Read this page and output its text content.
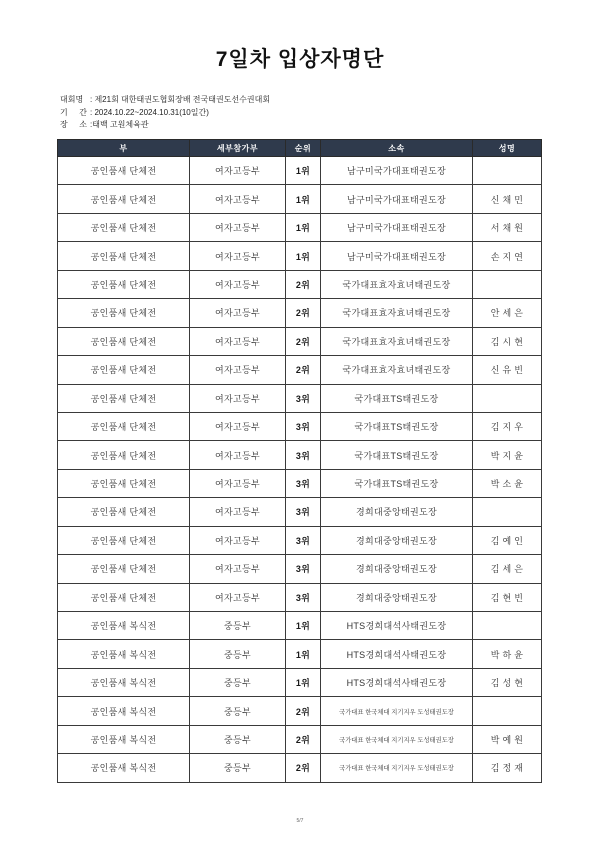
7일차 입상자명단
대회명 : 제21회 대한태권도협회장배 전국태권도선수권대회
기 간 : 2024.10.22~2024.10.31(10일간)
장 소 :태백 고원체육관
부	세부참가부	순위	소속	성명
공인품새 단체전	여자고등부	1위	남구미국가대표태권도장	
공인품새 단체전	여자고등부	1위	남구미국가대표태권도장	신 채 민
공인품새 단체전	여자고등부	1위	남구미국가대표태권도장	서 채 원
공인품새 단체전	여자고등부	1위	남구미국가대표태권도장	손 지 연
공인품새 단체전	여자고등부	2위	국가대표효자효녀태권도장	
공인품새 단체전	여자고등부	2위	국가대표효자효녀태권도장	안 세 은
공인품새 단체전	여자고등부	2위	국가대표효자효녀태권도장	김 시 현
공인품새 단체전	여자고등부	2위	국가대표효자효녀태권도장	신 유 빈
공인품새 단체전	여자고등부	3위	국가대표TS태권도장	
공인품새 단체전	여자고등부	3위	국가대표TS태권도장	김 지 우
공인품새 단체전	여자고등부	3위	국가대표TS태권도장	박 지 윤
공인품새 단체전	여자고등부	3위	국가대표TS태권도장	박 소 윤
공인품새 단체전	여자고등부	3위	경희대중앙태권도장	
공인품새 단체전	여자고등부	3위	경희대중앙태권도장	김 예 인
공인품새 단체전	여자고등부	3위	경희대중앙태권도장	김 세 은
공인품새 단체전	여자고등부	3위	경희대중앙태권도장	김 현 빈
공인품새 복식전	중등부	1위	HTS경희대석사태권도장	
공인품새 복식전	중등부	1위	HTS경희대석사태권도장	박 하 윤
공인품새 복식전	중등부	1위	HTS경희대석사태권도장	김 성 현
공인품새 복식전	중등부	2위	국가대표 한국체대 지기지우 도성태권도장	
공인품새 복식전	중등부	2위	국가대표 한국체대 지기지우 도성태권도장	박 예 원
공인품새 복식전	중등부	2위	국가대표 한국체대 지기지우 도성태권도장	김 정 재
5/7
